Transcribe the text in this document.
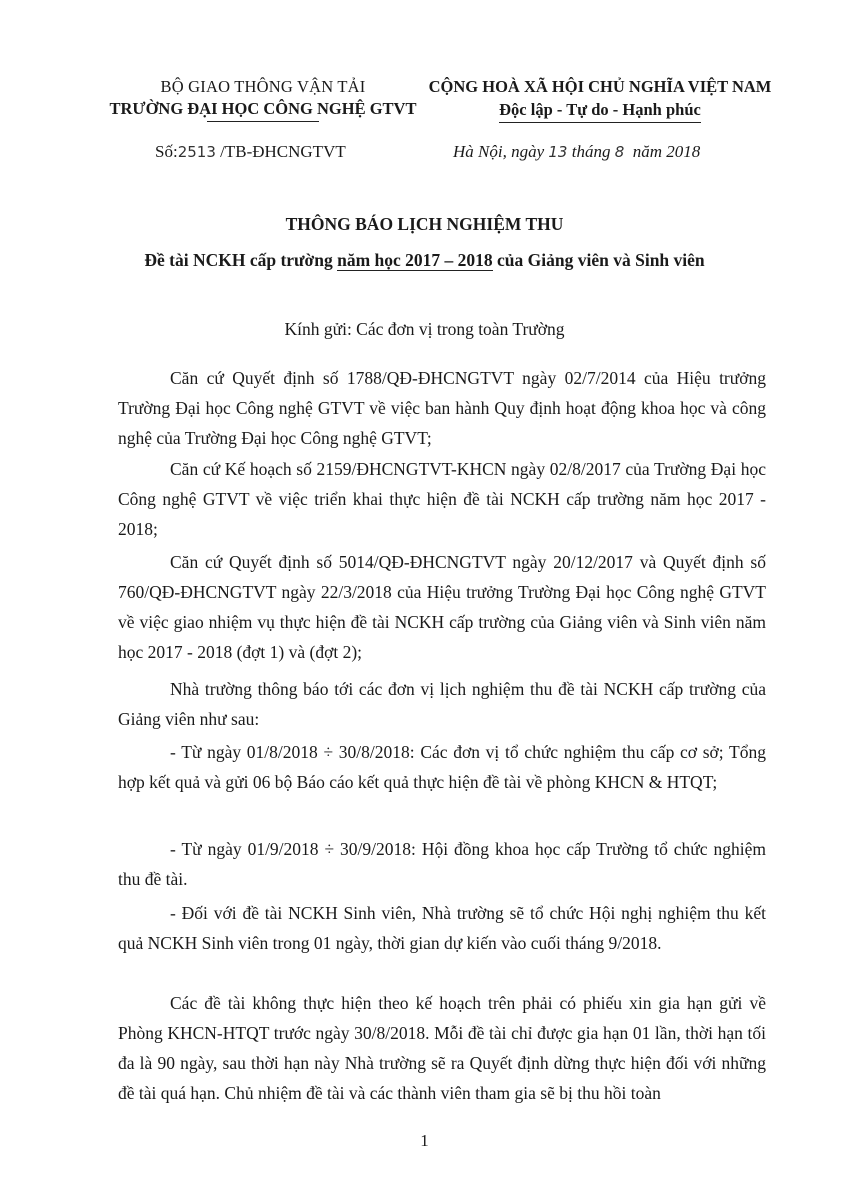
BỘ GIAO THÔNG VẬN TẢI
TRƯỜNG ĐẠI HỌC CÔNG NGHỆ GTVT
CỘNG HOÀ XÃ HỘI CHỦ NGHĨA VIỆT NAM
Độc lập - Tự do - Hạnh phúc
Số:2513 /TB-ĐHCNGTVT	Hà Nội, ngày 13 tháng 8 năm 2018
THÔNG BÁO LỊCH NGHIỆM THU
Đề tài NCKH cấp trường năm học 2017 – 2018 của Giảng viên và Sinh viên
Kính gửi: Các đơn vị trong toàn Trường

Căn cứ Quyết định số 1788/QĐ-ĐHCNGTVT ngày 02/7/2014 của Hiệu trưởng Trường Đại học Công nghệ GTVT về việc ban hành Quy định hoạt động khoa học và công nghệ của Trường Đại học Công nghệ GTVT;

Căn cứ Kế hoạch số 2159/ĐHCNGTVT-KHCN ngày 02/8/2017 của Trường Đại học Công nghệ GTVT về việc triển khai thực hiện đề tài NCKH cấp trường năm học 2017 - 2018;

Căn cứ Quyết định số 5014/QĐ-ĐHCNGTVT ngày 20/12/2017 và Quyết định số 760/QĐ-ĐHCNGTVT ngày 22/3/2018 của Hiệu trưởng Trường Đại học Công nghệ GTVT về việc giao nhiệm vụ thực hiện đề tài NCKH cấp trường của Giảng viên và Sinh viên năm học 2017 - 2018 (đợt 1) và (đợt 2);

Nhà trường thông báo tới các đơn vị lịch nghiệm thu đề tài NCKH cấp trường của Giảng viên như sau:

- Từ ngày 01/8/2018 ÷ 30/8/2018: Các đơn vị tổ chức nghiệm thu cấp cơ sở; Tổng hợp kết quả và gửi 06 bộ Báo cáo kết quả thực hiện đề tài về phòng KHCN & HTQT;

- Từ ngày 01/9/2018 ÷ 30/9/2018: Hội đồng khoa học cấp Trường tổ chức nghiệm thu đề tài.

- Đối với đề tài NCKH Sinh viên, Nhà trường sẽ tổ chức Hội nghị nghiệm thu kết quả NCKH Sinh viên trong 01 ngày, thời gian dự kiến vào cuối tháng 9/2018.

Các đề tài không thực hiện theo kế hoạch trên phải có phiếu xin gia hạn gửi về Phòng KHCN-HTQT trước ngày 30/8/2018. Mỗi đề tài chỉ được gia hạn 01 lần, thời hạn tối đa là 90 ngày, sau thời hạn này Nhà trường sẽ ra Quyết định dừng thực hiện đối với những đề tài quá hạn. Chủ nhiệm đề tài và các thành viên tham gia sẽ bị thu hồi toàn

1
